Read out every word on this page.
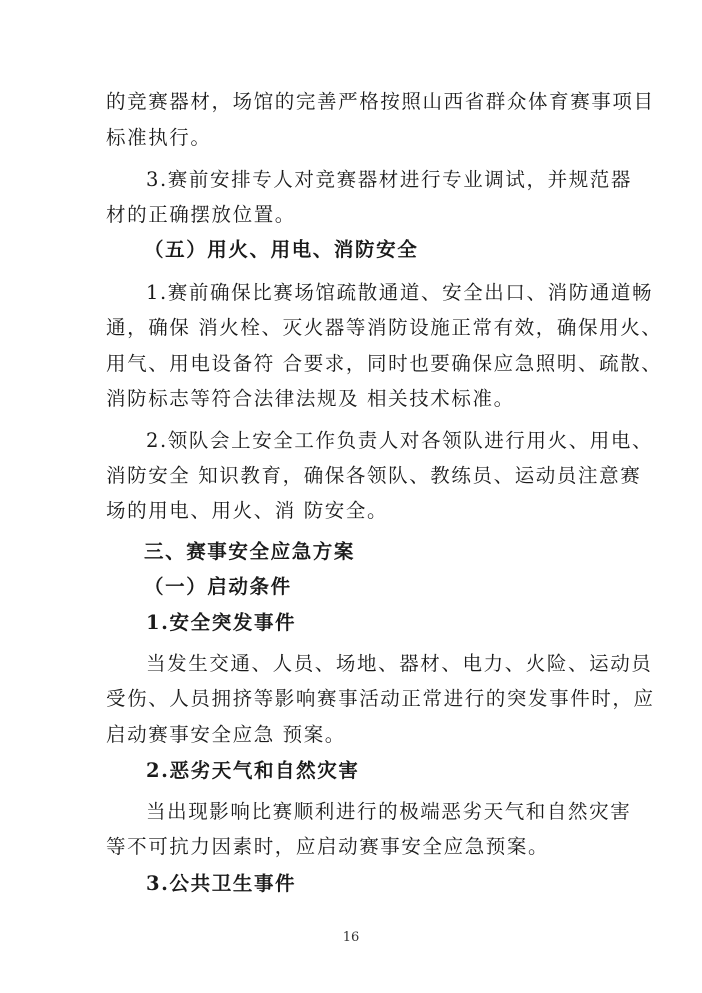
的竞赛器材，场馆的完善严格按照山西省群众体育赛事项目
标准执行。
3.赛前安排专人对竞赛器材进行专业调试，并规范器
材的正确摆放位置。
（五）用火、用电、消防安全
1.赛前确保比赛场馆疏散通道、安全出口、消防通道畅
通，确保 消火栓、灭火器等消防设施正常有效，确保用火、
用气、用电设备符 合要求，同时也要确保应急照明、疏散、
消防标志等符合法律法规及 相关技术标准。
2.领队会上安全工作负责人对各领队进行用火、用电、
消防安全 知识教育，确保各领队、教练员、运动员注意赛
场的用电、用火、消 防安全。
三、赛事安全应急方案
（一）启动条件
1.安全突发事件
当发生交通、人员、场地、器材、电力、火险、运动员
受伤、人员拥挤等影响赛事活动正常进行的突发事件时，应
启动赛事安全应急 预案。
2.恶劣天气和自然灾害
当出现影响比赛顺利进行的极端恶劣天气和自然灾害
等不可抗力因素时，应启动赛事安全应急预案。
3.公共卫生事件
16
